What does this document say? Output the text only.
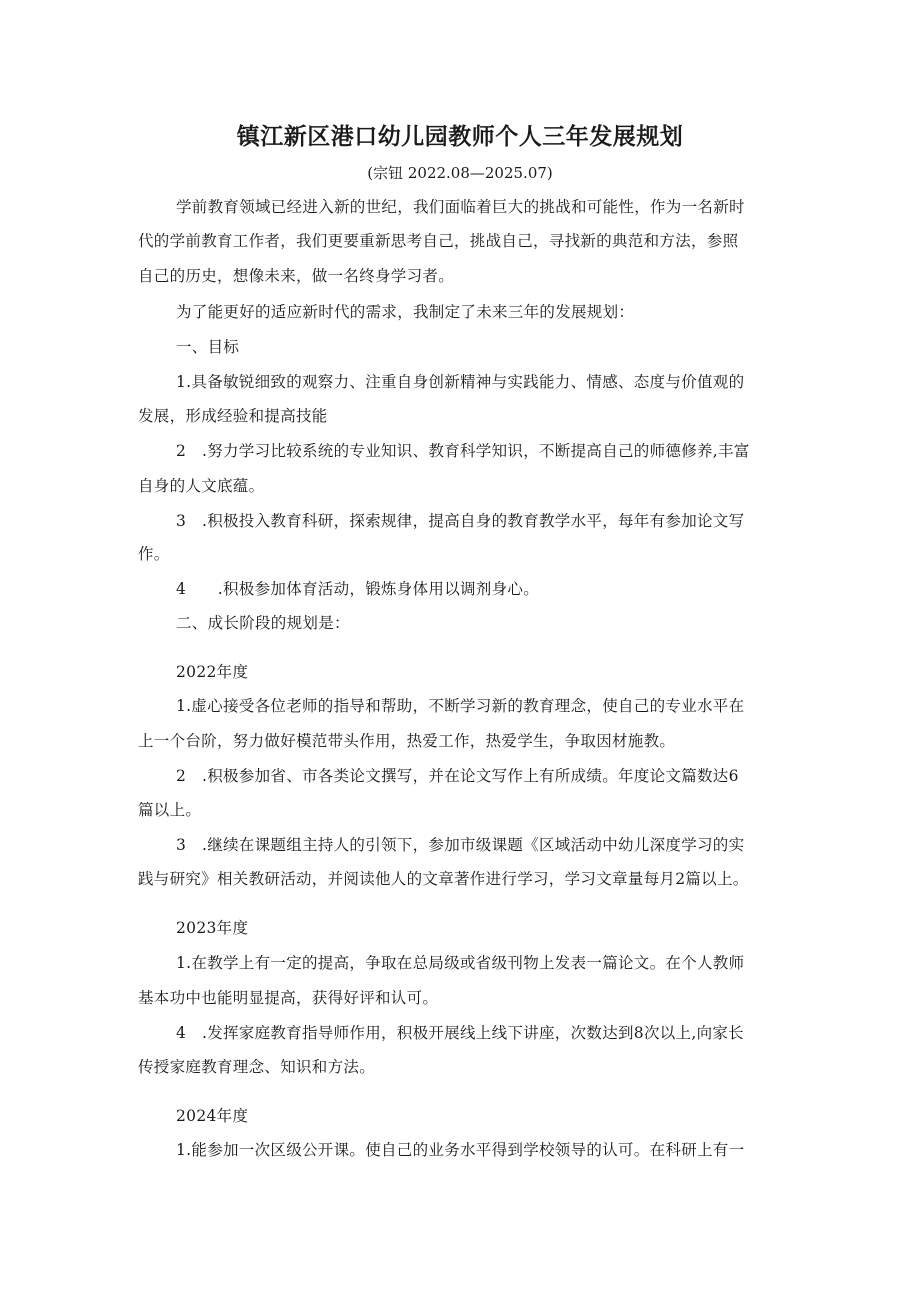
镇江新区港口幼儿园教师个人三年发展规划
(宗钮 2022.08—2025.07)
学前教育领域已经进入新的世纪，我们面临着巨大的挑战和可能性，作为一名新时
代的学前教育工作者，我们更要重新思考自己，挑战自己，寻找新的典范和方法，参照
自己的历史，想像未来，做一名终身学习者。
为了能更好的适应新时代的需求，我制定了未来三年的发展规划：
一、目标
1.具备敏锐细致的观察力、注重自身创新精神与实践能力、情感、态度与价值观的
发展，形成经验和提高技能
2　.努力学习比较系统的专业知识、教育科学知识，不断提高自己的师德修养,丰富
自身的人文底蕴。
3　.积极投入教育科研，探索规律，提高自身的教育教学水平，每年有参加论文写
作。
4　　.积极参加体育活动，锻炼身体用以调剂身心。
二、成长阶段的规划是：
2022年度
1.虚心接受各位老师的指导和帮助，不断学习新的教育理念，使自己的专业水平在
上一个台阶，努力做好模范带头作用，热爱工作，热爱学生，争取因材施教。
2　.积极参加省、市各类论文撰写，并在论文写作上有所成绩。年度论文篇数达6
篇以上。
3　.继续在课题组主持人的引领下，参加市级课题《区域活动中幼儿深度学习的实
践与研究》相关教研活动，并阅读他人的文章著作进行学习，学习文章量每月2篇以上。
2023年度
1.在教学上有一定的提高，争取在总局级或省级刊物上发表一篇论文。在个人教师
基本功中也能明显提高，获得好评和认可。
4　.发挥家庭教育指导师作用，积极开展线上线下讲座，次数达到8次以上,向家长
传授家庭教育理念、知识和方法。
2024年度
1.能参加一次区级公开课。使自己的业务水平得到学校领导的认可。在科研上有一
